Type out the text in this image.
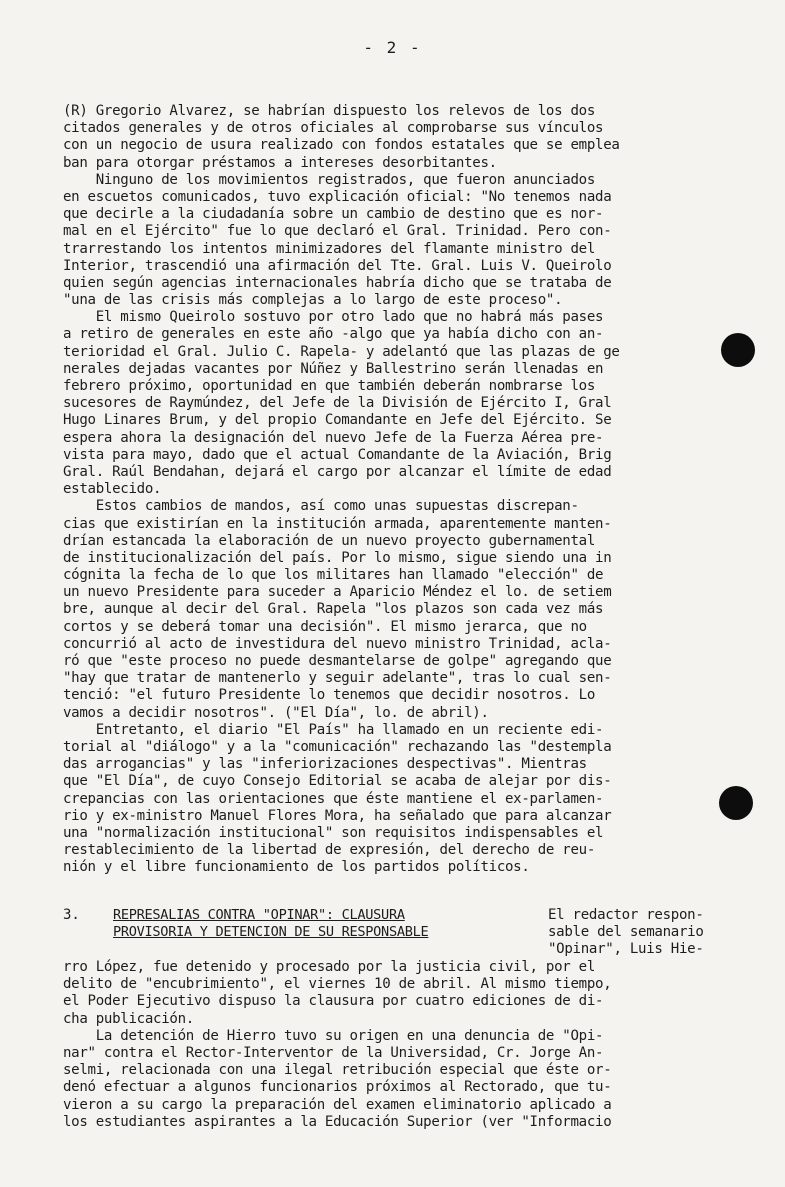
- 2 -
(R) Gregorio Alvarez, se habrían dispuesto los relevos de los dos
citados generales y de otros oficiales al comprobarse sus vínculos
con un negocio de usura realizado con fondos estatales que se emplea
ban para otorgar préstamos a intereses desorbitantes.
Ninguno de los movimientos registrados, que fueron anunciados
en escuetos comunicados, tuvo explicación oficial: "No tenemos nada
que decirle a la ciudadanía sobre un cambio de destino que es nor-
mal en el Ejército" fue lo que declaró el Gral. Trinidad. Pero con-
trarrestando los intentos minimizadores del flamante ministro del
Interior, trascendió una afirmación del Tte. Gral. Luis V. Queirolo
quien según agencias internacionales habría dicho que se trataba de
"una de las crisis más complejas a lo largo de este proceso".
El mismo Queirolo sostuvo por otro lado que no habrá más pases
a retiro de generales en este año -algo que ya había dicho con an-
terioridad el Gral. Julio C. Rapela- y adelantó que las plazas de ge
nerales dejadas vacantes por Núñez y Ballestrino serán llenadas en
febrero próximo, oportunidad en que también deberán nombrarse los
sucesores de Raymúndez, del Jefe de la División de Ejército I, Gral
Hugo Linares Brum, y del propio Comandante en Jefe del Ejército. Se
espera ahora la designación del nuevo Jefe de la Fuerza Aérea pre-
vista para mayo, dado que el actual Comandante de la Aviación, Brig
Gral. Raúl Bendahan, dejará el cargo por alcanzar el límite de edad
establecido.
Estos cambios de mandos, así como unas supuestas discrepan-
cias que existirían en la institución armada, aparentemente manten-
drían estancada la elaboración de un nuevo proyecto gubernamental
de institucionalización del país. Por lo mismo, sigue siendo una in
cógnita la fecha de lo que los militares han llamado "elección" de
un nuevo Presidente para suceder a Aparicio Méndez el lo. de setiem
bre, aunque al decir del Gral. Rapela "los plazos son cada vez más
cortos y se deberá tomar una decisión". El mismo jerarca, que no
concurrió al acto de investidura del nuevo ministro Trinidad, acla-
ró que "este proceso no puede desmantelarse de golpe" agregando que
"hay que tratar de mantenerlo y seguir adelante", tras lo cual sen-
tenció: "el futuro Presidente lo tenemos que decidir nosotros. Lo
vamos a decidir nosotros". ("El Día", lo. de abril).
Entretanto, el diario "El País" ha llamado en un reciente edi-
torial al "diálogo" y a la "comunicación" rechazando las "destempla
das arrogancias" y las "inferiorizaciones despectivas". Mientras
que "El Día", de cuyo Consejo Editorial se acaba de alejar por dis-
crepancias con las orientaciones que éste mantiene el ex-parlamen-
rio y ex-ministro Manuel Flores Mora, ha señalado que para alcanzar
una "normalización institucional" son requisitos indispensables el
restablecimiento de la libertad de expresión, del derecho de reu-
nión y el libre funcionamiento de los partidos políticos.
3. REPRESALIAS CONTRA "OPINAR": CLAUSURA
PROVISORIA Y DETENCION DE SU RESPONSABLE
El redactor respon-
sable del semanario
"Opinar", Luis Hie-
rro López, fue detenido y procesado por la justicia civil, por el
delito de "encubrimiento", el viernes 10 de abril. Al mismo tiempo,
el Poder Ejecutivo dispuso la clausura por cuatro ediciones de di-
cha publicación.
La detención de Hierro tuvo su origen en una denuncia de "Opi-
nar" contra el Rector-Interventor de la Universidad, Cr. Jorge An-
selmi, relacionada con una ilegal retribución especial que éste or-
denó efectuar a algunos funcionarios próximos al Rectorado, que tu-
vieron a su cargo la preparación del examen eliminatorio aplicado a
los estudiantes aspirantes a la Educación Superior (ver "Informacio
